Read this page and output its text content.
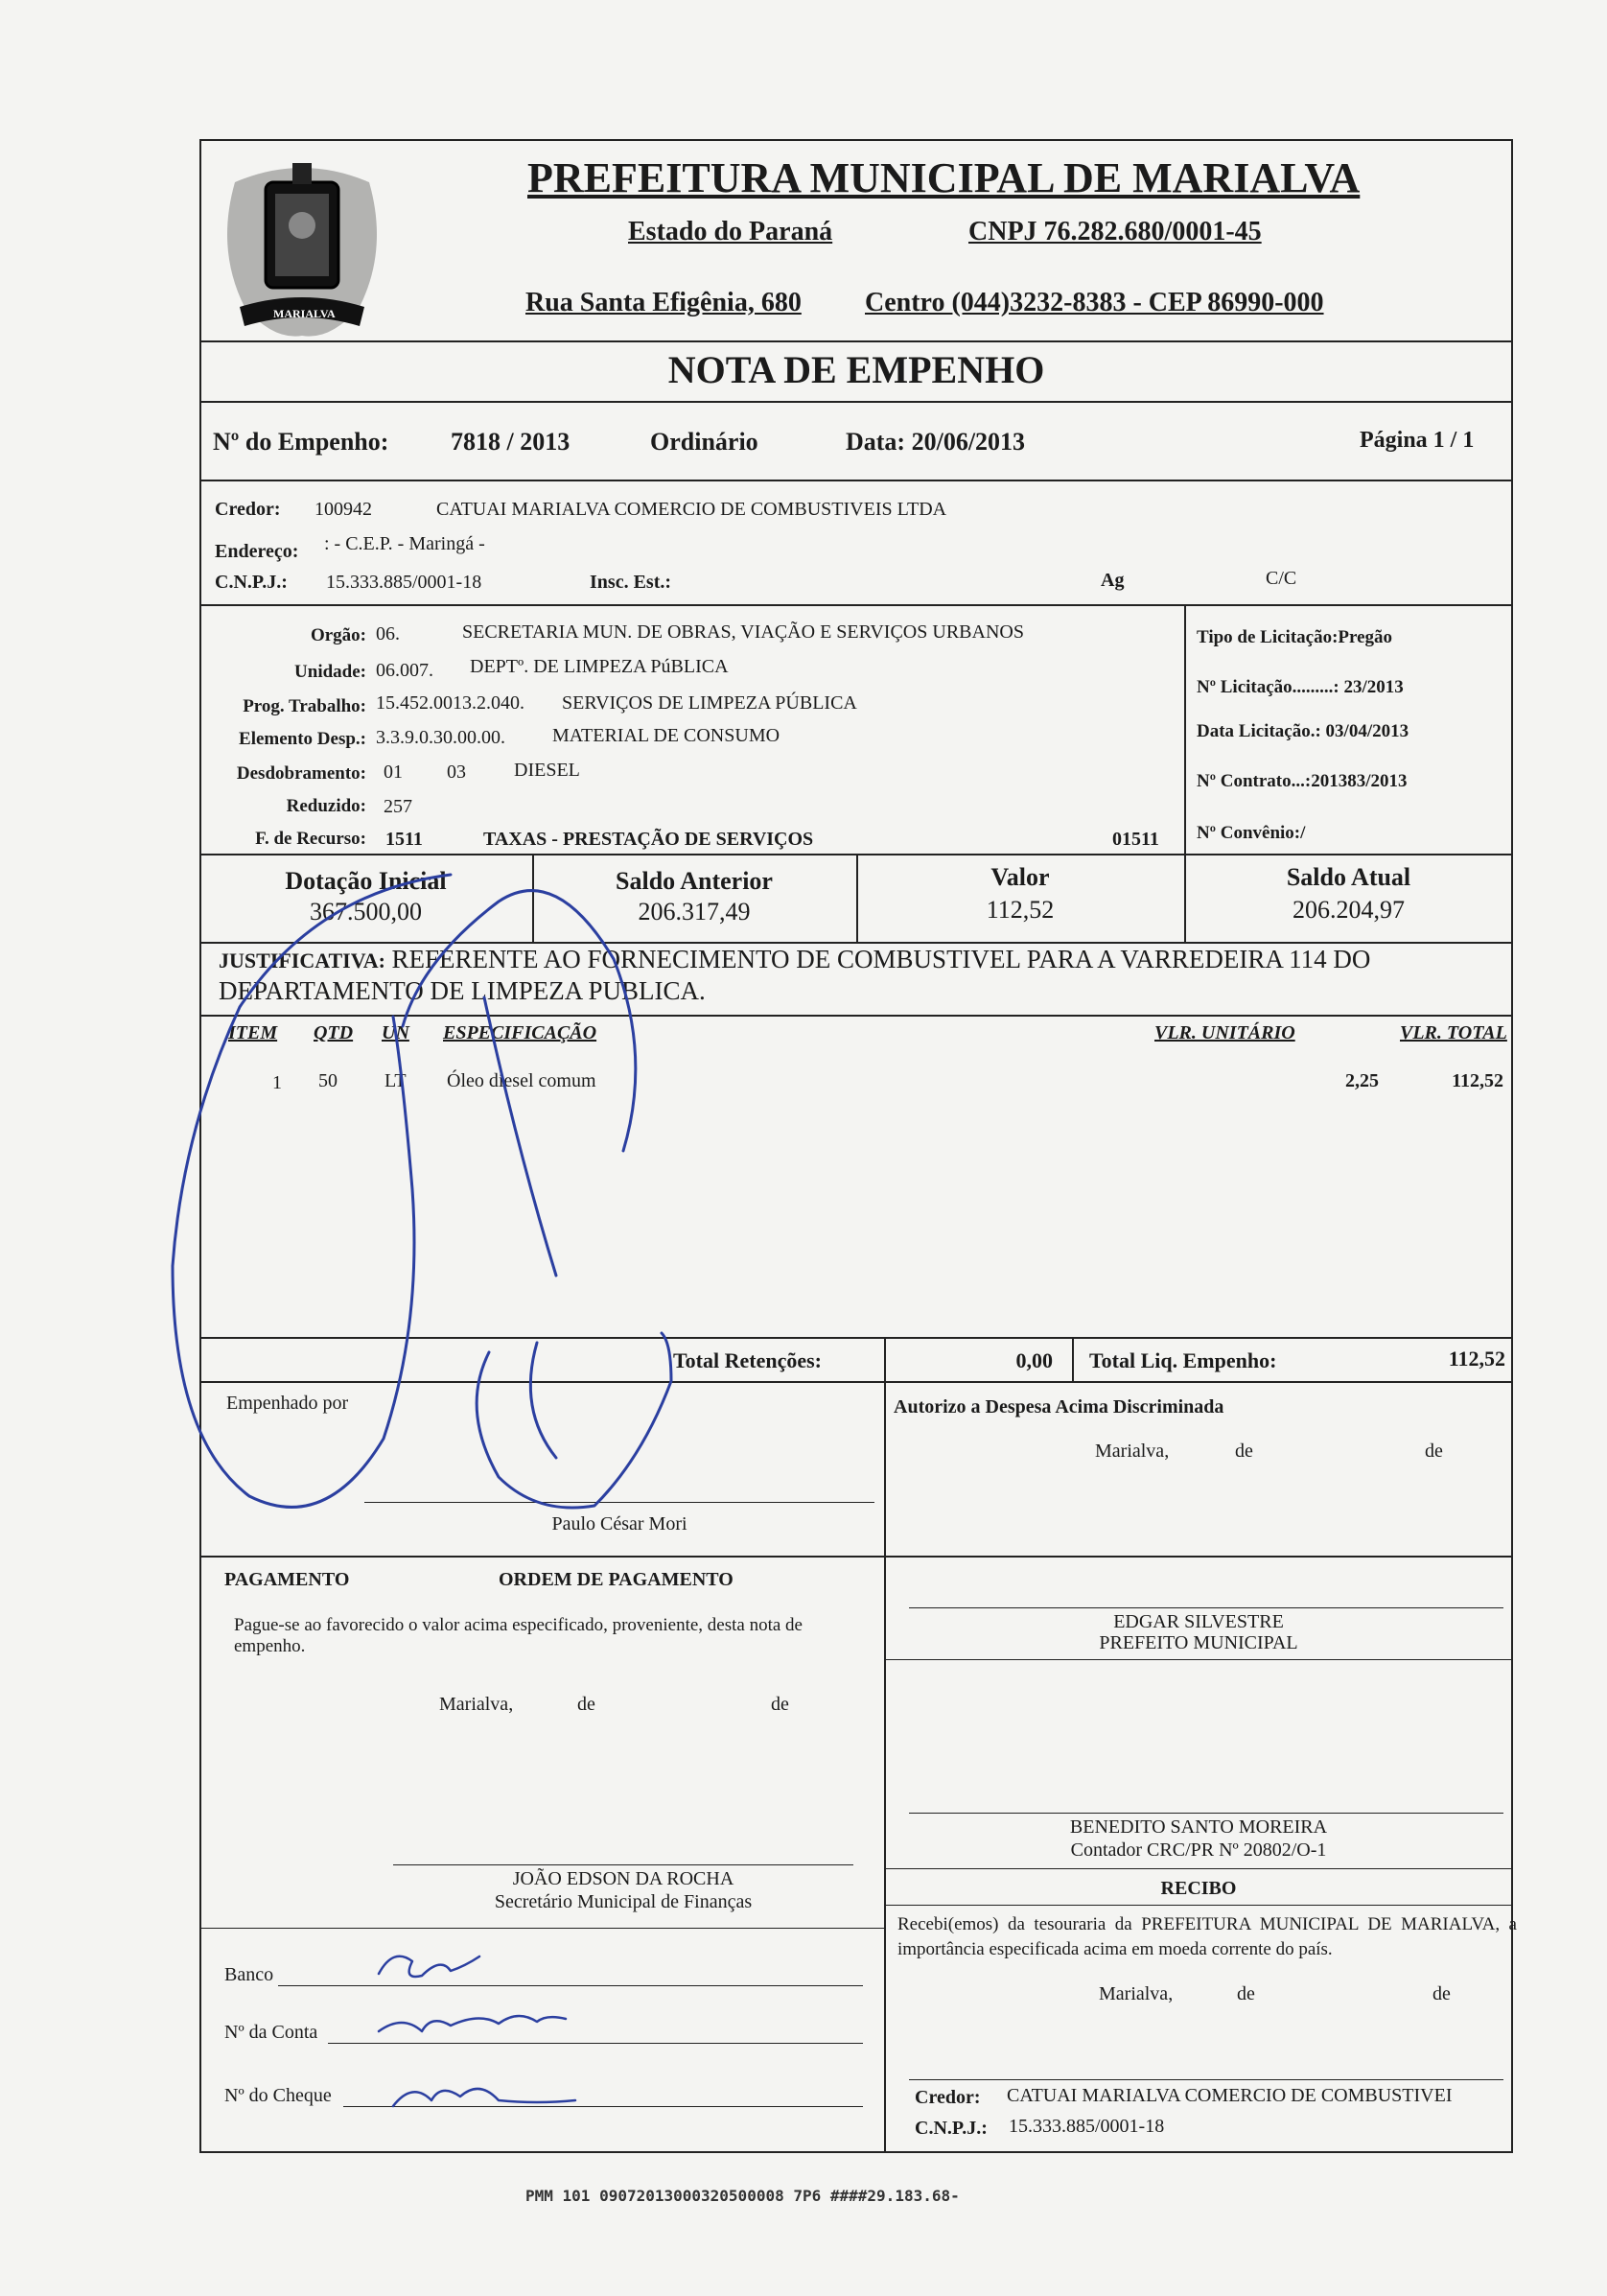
MARIALVA
PREFEITURA MUNICIPAL DE MARIALVA
Estado do Paraná	CNPJ 76.282.680/0001-45
Rua Santa Efigênia, 680 Centro (044)3232-8383 - CEP 86990-000
NOTA DE EMPENHO
Nº do Empenho: 7818 / 2013	Ordinário	Data: 20/06/2013	Página 1 / 1
Credor: 100942	CATUAI MARIALVA COMERCIO DE COMBUSTIVEIS LTDA
Endereço: : - C.E.P. - Maringá -
C.N.P.J.: 15.333.885/0001-18	Insc. Est.:	Ag	C/C
Orgão: 06.	SECRETARIA MUN. DE OBRAS, VIAÇÃO E SERVIÇOS URBANOS
Unidade: 06.007. DEPTº. DE LIMPEZA PúBLICA
Prog. Trabalho: 15.452.0013.2.040. SERVIÇOS DE LIMPEZA PÚBLICA
Elemento Desp.: 3.3.9.0.30.00.00. MATERIAL DE CONSUMO
Desdobramento: 01 03	DIESEL
Reduzido: 257
F. de Recurso: 1511	TAXAS - PRESTAÇÃO DE SERVIÇOS	01511
Tipo de Licitação:Pregão
Nº Licitação.........: 23/2013
Data Licitação.: 03/04/2013
Nº Contrato...:201383/2013
Nº Convênio:/
Dotação Inicial
367.500,00
Saldo Anterior
206.317,49
Valor
112,52
Saldo Atual
206.204,97
JUSTIFICATIVA: REFERENTE AO FORNECIMENTO DE COMBUSTIVEL PARA A VARREDEIRA 114 DO
DEPARTAMENTO DE LIMPEZA PUBLICA.
ITEM QTD UN ESPECIFICAÇÃO	VLR. UNITÁRIO	VLR. TOTAL
1 50 LT Óleo diesel comum	2,25	112,52
Total Retenções:	0,00 Total Liq. Empenho:	112,52
Empenhado por
Paulo César Mori
Autorizo a Despesa Acima Discriminada
Marialva,	de	de
PAGAMENTO	ORDEM DE PAGAMENTO
Pague-se ao favorecido o valor acima especificado, proveniente, desta nota de empenho.
Marialva,	de	de
EDGAR SILVESTRE
PREFEITO MUNICIPAL
BENEDITO SANTO MOREIRA
Contador CRC/PR Nº 20802/O-1
JOÃO EDSON DA ROCHA
Secretário Municipal de Finanças
RECIBO
Recebi(emos) da tesouraria da PREFEITURA MUNICIPAL DE MARIALVA, a importância especificada acima em moeda corrente do país.
Marialva,	de	de
Credor: CATUAI MARIALVA COMERCIO DE COMBUSTIVEI
C.N.P.J.: 15.333.885/0001-18
Banco
Nº da Conta
Nº do Cheque
PMM 101 09072013000320500008 7P6 ####29.183.68-
